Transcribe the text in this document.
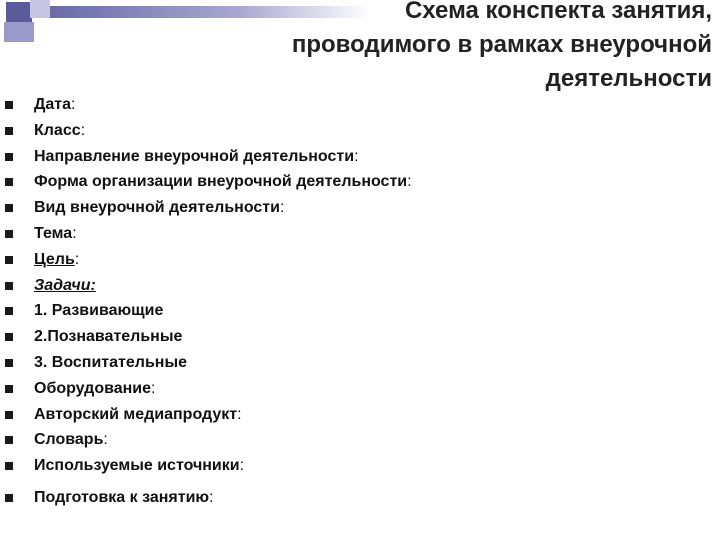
Схема конспекта занятия,
проводимого в рамках внеурочной
деятельности
Дата:
Класс:
Направление внеурочной деятельности:
Форма организации внеурочной деятельности:
Вид внеурочной деятельности:
Тема:
Цель:
Задачи:
1. Развивающие
2.Познавательные
3. Воспитательные
Оборудование:
Авторский медиапродукт:
Словарь:
Используемые источники:
Подготовка к занятию:
